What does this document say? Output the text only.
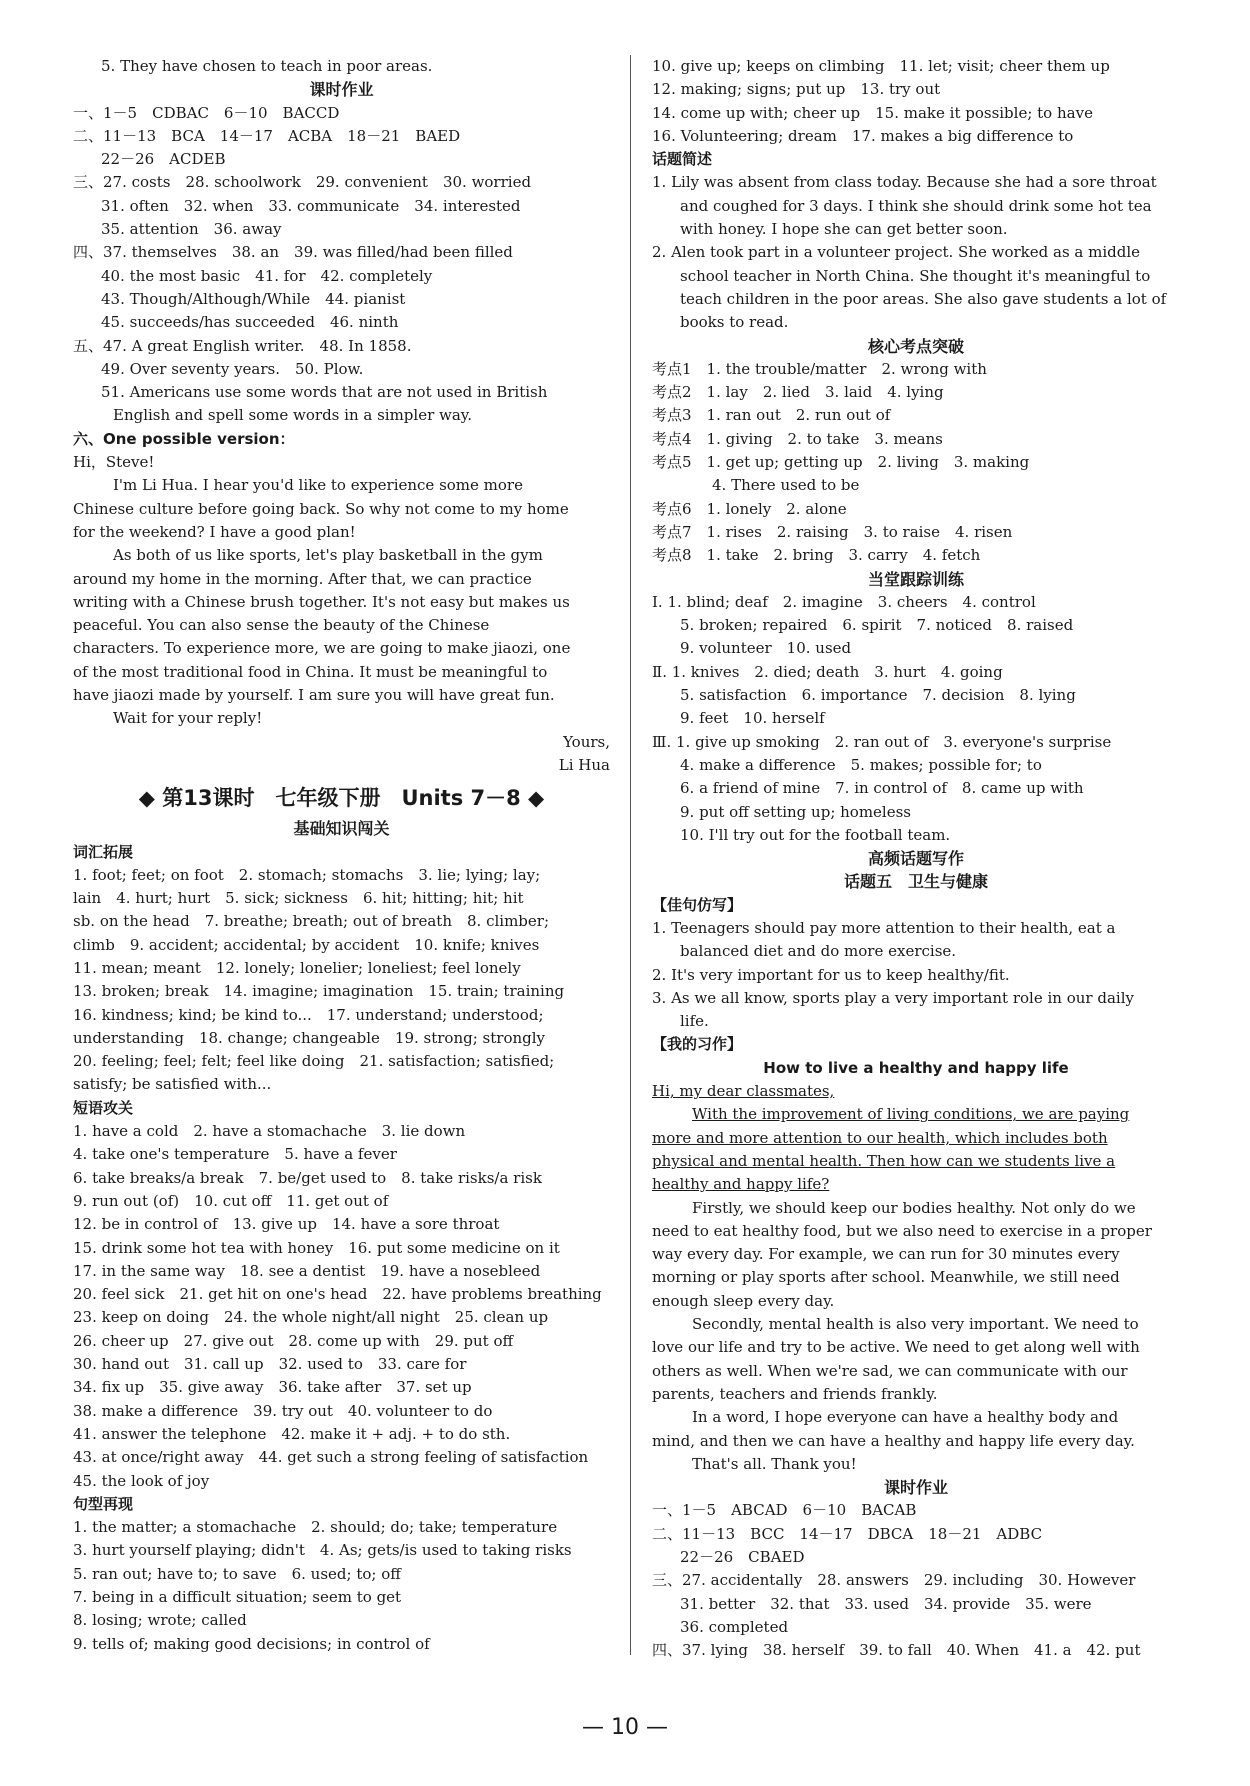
5. They have chosen to teach in poor areas.
课时作业
一、1－5　CDBAC　6－10　BACCD
二、11－13　BCA　14－17　ACBA　18－21　BAED
22－26　ACDEB
三、27. costs　28. schoolwork　29. convenient　30. worried
31. often　32. when　33. communicate　34. interested
35. attention　36. away
四、37. themselves　38. an　39. was filled/had been filled
40. the most basic　41. for　42. completely
43. Though/Although/While　44. pianist
45. succeeds/has succeeded　46. ninth
五、47. A great English writer.　48. In 1858.
49. Over seventy years.　50. Plow.
51. Americans use some words that are not used in British
English and spell some words in a simpler way.
六、One possible version：
Hi，Steve!
I'm Li Hua. I hear you'd like to experience some more
Chinese culture before going back. So why not come to my home
for the weekend? I have a good plan!
As both of us like sports, let's play basketball in the gym
around my home in the morning. After that, we can practice
writing with a Chinese brush together. It's not easy but makes us
peaceful. You can also sense the beauty of the Chinese
characters. To experience more, we are going to make jiaozi, one
of the most traditional food in China. It must be meaningful to
have jiaozi made by yourself. I am sure you will have great fun.
Wait for your reply!
Yours,
Li Hua
◆ 第13课时　七年级下册　Units 7－8 ◆
基础知识闯关
词汇拓展
1. foot; feet; on foot　2. stomach; stomachs　3. lie; lying; lay;
lain　4. hurt; hurt　5. sick; sickness　6. hit; hitting; hit; hit
sb. on the head　7. breathe; breath; out of breath　8. climber;
climb　9. accident; accidental; by accident　10. knife; knives
11. mean; meant　12. lonely; lonelier; loneliest; feel lonely
13. broken; break　14. imagine; imagination　15. train; training
16. kindness; kind; be kind to...　17. understand; understood;
understanding　18. change; changeable　19. strong; strongly
20. feeling; feel; felt; feel like doing　21. satisfaction; satisfied;
satisfy; be satisfied with...
短语攻关
1. have a cold　2. have a stomachache　3. lie down
4. take one's temperature　5. have a fever
6. take breaks/a break　7. be/get used to　8. take risks/a risk
9. run out (of)　10. cut off　11. get out of
12. be in control of　13. give up　14. have a sore throat
15. drink some hot tea with honey　16. put some medicine on it
17. in the same way　18. see a dentist　19. have a nosebleed
20. feel sick　21. get hit on one's head　22. have problems breathing
23. keep on doing　24. the whole night/all night　25. clean up
26. cheer up　27. give out　28. come up with　29. put off
30. hand out　31. call up　32. used to　33. care for
34. fix up　35. give away　36. take after　37. set up
38. make a difference　39. try out　40. volunteer to do
41. answer the telephone　42. make it + adj. + to do sth.
43. at once/right away　44. get such a strong feeling of satisfaction
45. the look of joy
句型再现
1. the matter; a stomachache　2. should; do; take; temperature
3. hurt yourself playing; didn't　4. As; gets/is used to taking risks
5. ran out; have to; to save　6. used; to; off
7. being in a difficult situation; seem to get
8. losing; wrote; called
9. tells of; making good decisions; in control of
10. give up; keeps on climbing　11. let; visit; cheer them up
12. making; signs; put up　13. try out
14. come up with; cheer up　15. make it possible; to have
16. Volunteering; dream　17. makes a big difference to
话题简述
1. Lily was absent from class today. Because she had a sore throat
and coughed for 3 days. I think she should drink some hot tea
with honey. I hope she can get better soon.
2. Alen took part in a volunteer project. She worked as a middle
school teacher in North China. She thought it's meaningful to
teach children in the poor areas. She also gave students a lot of
books to read.
核心考点突破
考点1　1. the trouble/matter　2. wrong with
考点2　1. lay　2. lied　3. laid　4. lying
考点3　1. ran out　2. run out of
考点4　1. giving　2. to take　3. means
考点5　1. get up; getting up　2. living　3. making
　　　　4. There used to be
考点6　1. lonely　2. alone
考点7　1. rises　2. raising　3. to raise　4. risen
考点8　1. take　2. bring　3. carry　4. fetch
当堂跟踪训练
Ⅰ. 1. blind; deaf　2. imagine　3. cheers　4. control
5. broken; repaired　6. spirit　7. noticed　8. raised
9. volunteer　10. used
Ⅱ. 1. knives　2. died; death　3. hurt　4. going
5. satisfaction　6. importance　7. decision　8. lying
9. feet　10. herself
Ⅲ. 1. give up smoking　2. ran out of　3. everyone's surprise
4. make a difference　5. makes; possible for; to
6. a friend of mine　7. in control of　8. came up with
9. put off setting up; homeless
10. I'll try out for the football team.
高频话题写作
话题五　卫生与健康
【佳句仿写】
1. Teenagers should pay more attention to their health, eat a
balanced diet and do more exercise.
2. It's very important for us to keep healthy/fit.
3. As we all know, sports play a very important role in our daily
life.
【我的习作】
How to live a healthy and happy life
Hi, my dear classmates,
With the improvement of living conditions, we are paying
more and more attention to our health, which includes both
physical and mental health. Then how can we students live a
healthy and happy life?
Firstly, we should keep our bodies healthy. Not only do we
need to eat healthy food, but we also need to exercise in a proper
way every day. For example, we can run for 30 minutes every
morning or play sports after school. Meanwhile, we still need
enough sleep every day.
Secondly, mental health is also very important. We need to
love our life and try to be active. We need to get along well with
others as well. When we're sad, we can communicate with our
parents, teachers and friends frankly.
In a word, I hope everyone can have a healthy body and
mind, and then we can have a healthy and happy life every day.
That's all. Thank you!
课时作业
一、1－5　ABCAD　6－10　BACAB
二、11－13　BCC　14－17　DBCA　18－21　ADBC
22－26　CBAED
三、27. accidentally　28. answers　29. including　30. However
31. better　32. that　33. used　34. provide　35. were
36. completed
四、37. lying　38. herself　39. to fall　40. When　41. a　42. put
— 10 —
